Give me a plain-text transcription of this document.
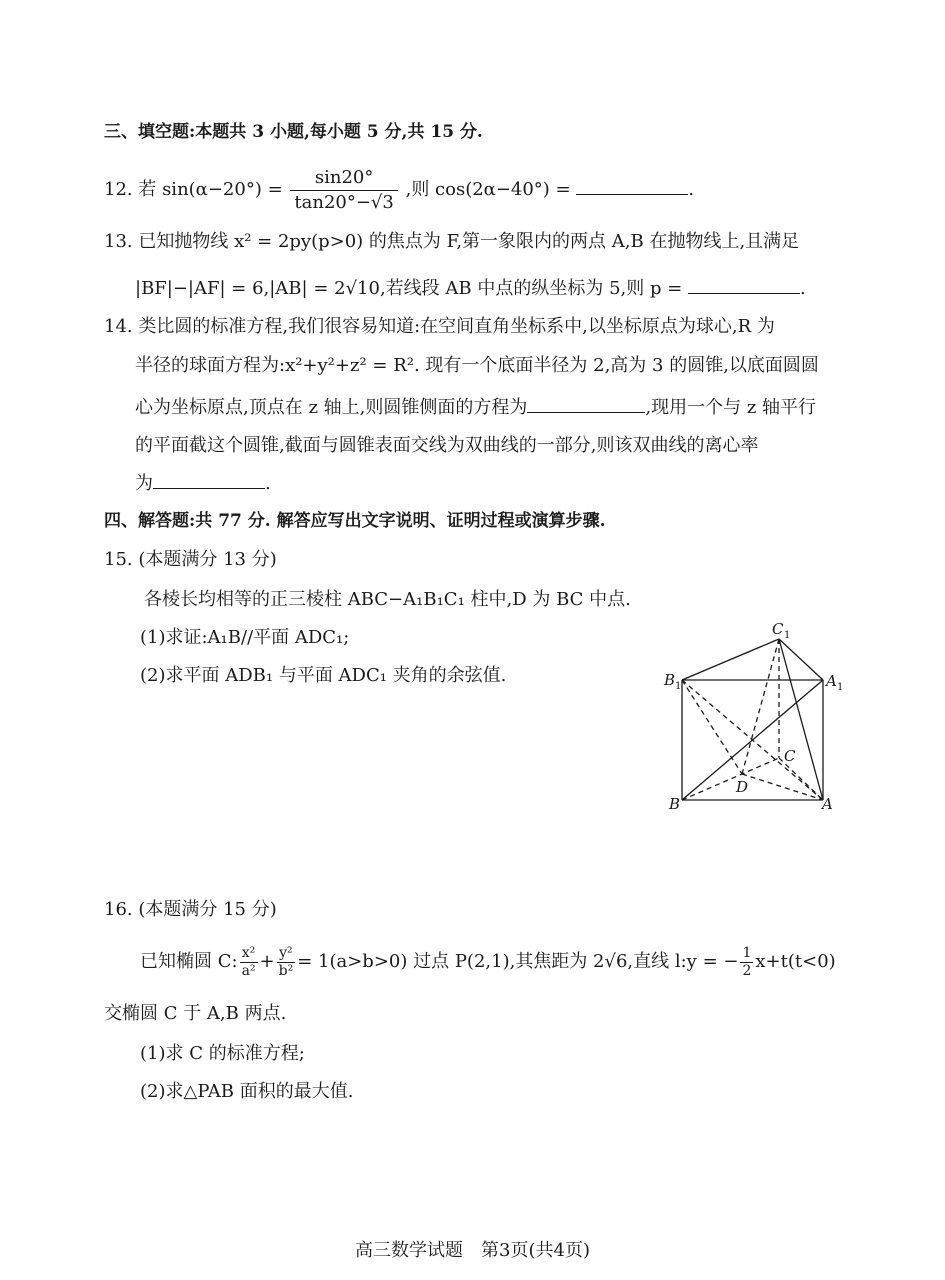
三、填空题:本题共 3 小题,每小题 5 分,共 15 分.
12. 若 $\sin(\alpha-20^\circ) = \frac{\sin 20^\circ}{\tan 20^\circ-√3}$ ,则 cos(2α−40°) =	.
13. 已知抛物线 x² = 2py(p>0) 的焦点为 F,第一象限内的两点 A,B 在抛物线上,且满足
|BF|−|AF| = 6,|AB| = 2√10,若线段 AB 中点的纵坐标为 5,则 p =	.
14. 类比圆的标准方程,我们很容易知道:在空间直角坐标系中,以坐标原点为球心,R 为
半径的球面方程为:x²+y²+z² = R². 现有一个底面半径为 2,高为 3 的圆锥,以底面圆圆
心为坐标原点,顶点在 z 轴上,则圆锥侧面的方程为	,现用一个与 z 轴平行
的平面截这个圆锥,截面与圆锥表面交线为双曲线的一部分,则该双曲线的离心率
为	.
四、解答题:共 77 分. 解答应写出文字说明、证明过程或演算步骤.
15. (本题满分 13 分)
各棱长均相等的正三棱柱 ABC−A₁B₁C₁ 柱中,D 为 BC 中点.
(1)求证:A₁B//平面 ADC₁;
(2)求平面 ADB₁ 与平面 ADC₁ 夹角的余弦值.
C 1
B 1	A 1
C
D
B	A
16. (本题满分 15 分)
已知椭圆 C: $\frac{\text{x²}}{\text{a²}} + \frac{\text{y²}}{\text{b²}} = 1(a>b>0)$ 过点 P(2,1),其焦距为 2√6,直线 l:y = − $\frac{1}{2} x+t(t<0)$
交椭圆 C 于 A,B 两点.
(1)求 C 的标准方程;
(2)求△PAB 面积的最大值.
高三数学试题　第3页(共4页)
